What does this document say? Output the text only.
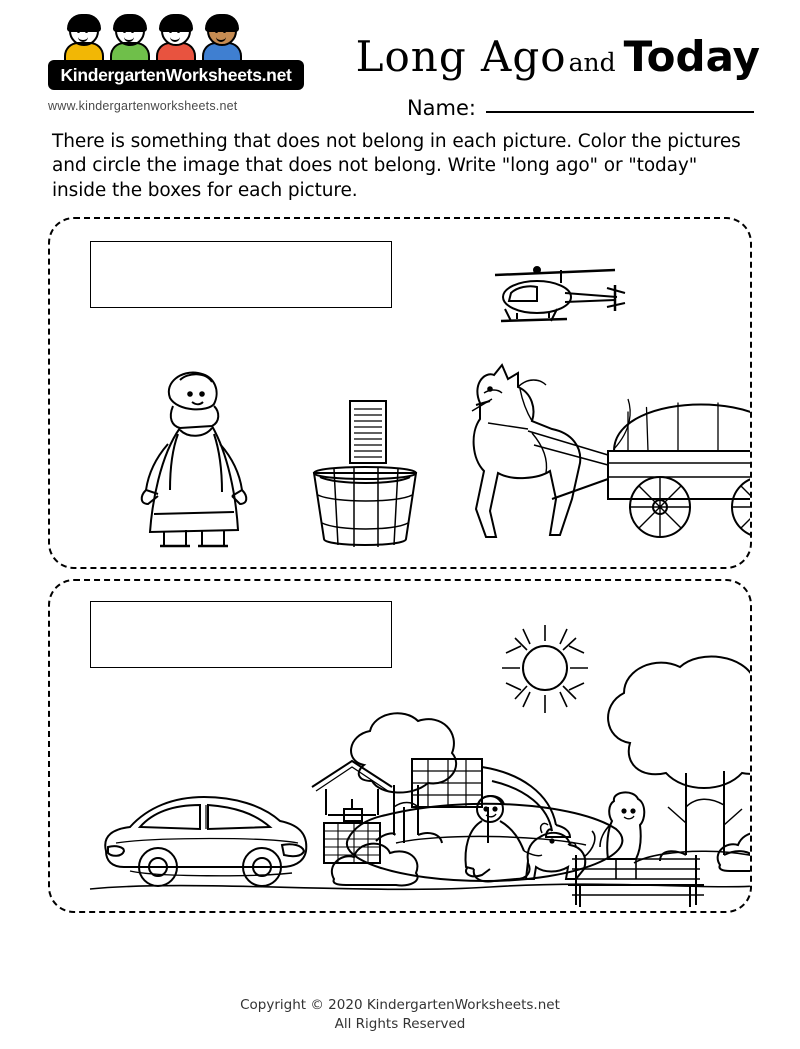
KindergartenWorksheets.net
www.kindergartenworksheets.net
Long Ago and Today
Name:
There is something that does not belong in each picture. Color the pictures and circle the image that does not belong. Write "long ago" or "today" inside the boxes for each picture.
Copyright © 2020 KindergartenWorksheets.net
All Rights Reserved
